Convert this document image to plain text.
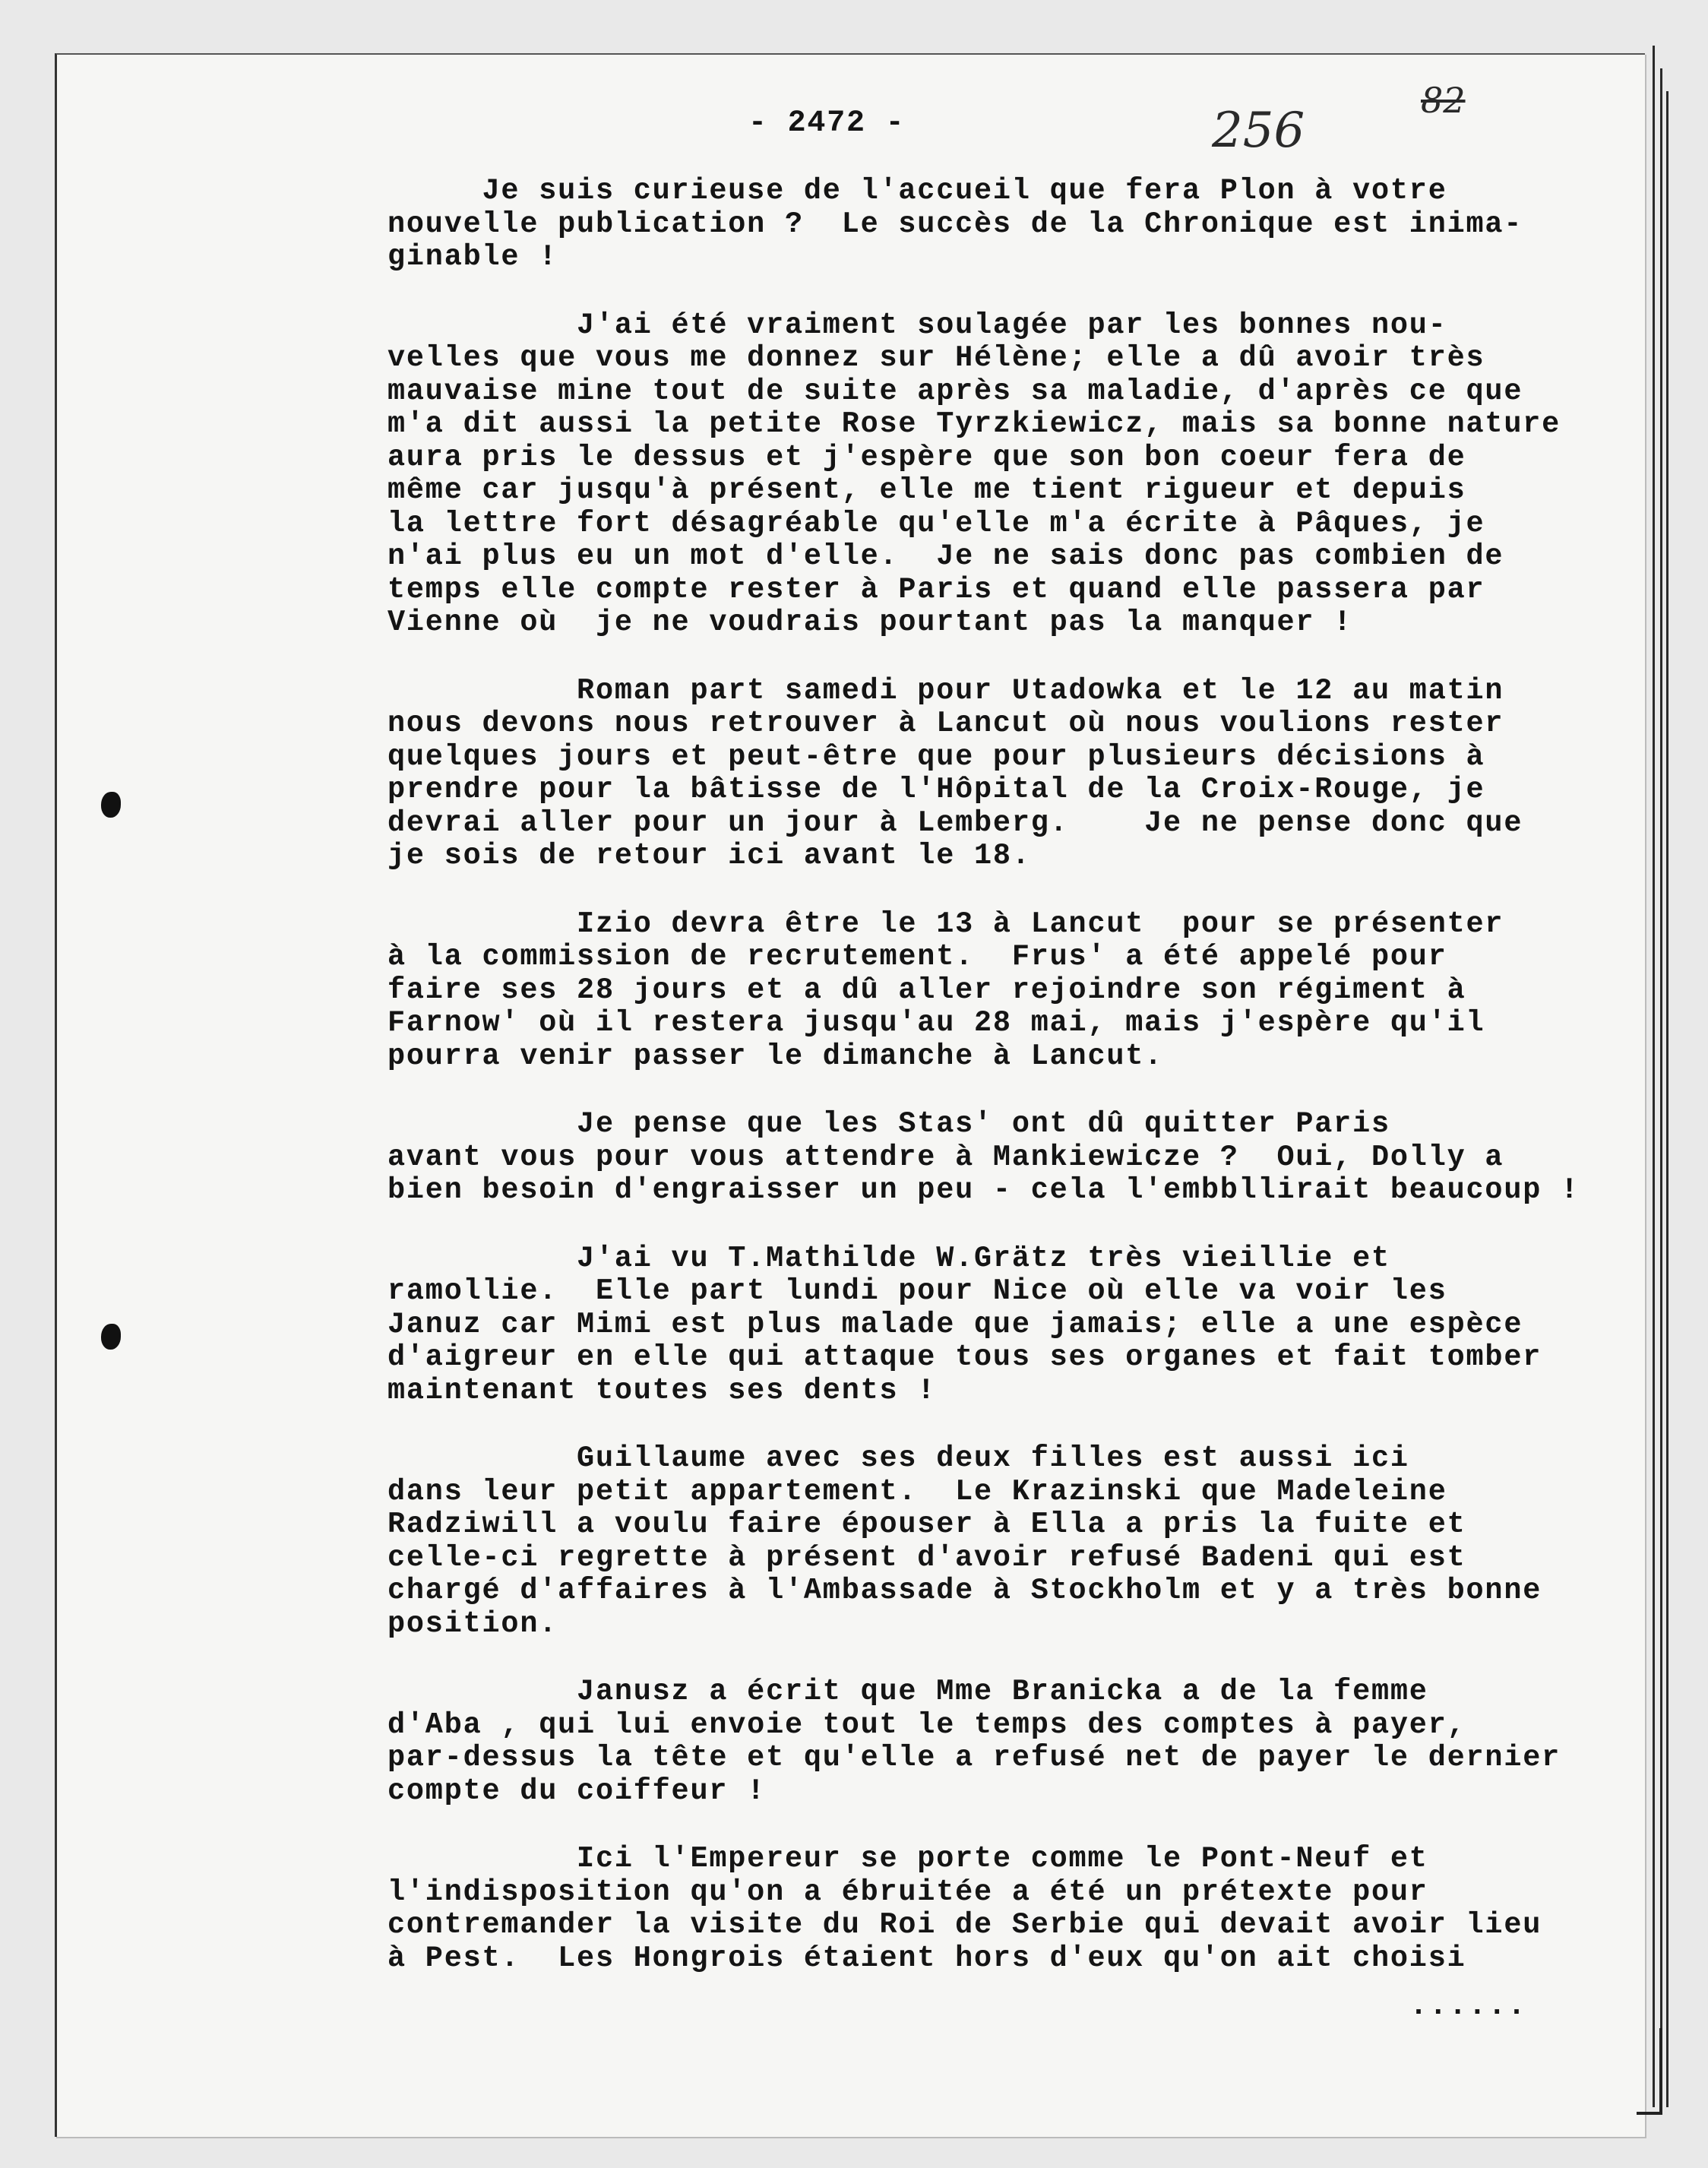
- 2472 -	256
82
Je suis curieuse de l'accueil que fera Plon à votre
nouvelle publication ?  Le succès de la Chronique est inima-
ginable !
J'ai été vraiment soulagée par les bonnes nou-
velles que vous me donnez sur Hélène; elle a dû avoir très
mauvaise mine tout de suite après sa maladie, d'après ce que
m'a dit aussi la petite Rose Tyrzkiewicz, mais sa bonne nature
aura pris le dessus et j'espère que son bon coeur fera de
même car jusqu'à présent, elle me tient rigueur et depuis
la lettre fort désagréable qu'elle m'a écrite à Pâques, je
n'ai plus eu un mot d'elle.  Je ne sais donc pas combien de
temps elle compte rester à Paris et quand elle passera par
Vienne où  je ne voudrais pourtant pas la manquer !
Roman part samedi pour Utadowka et le 12 au matin
nous devons nous retrouver à Lancut où nous voulions rester
quelques jours et peut-être que pour plusieurs décisions à
prendre pour la bâtisse de l'Hôpital de la Croix-Rouge, je
devrai aller pour un jour à Lemberg.    Je ne pense donc que
je sois de retour ici avant le 18.
Izio devra être le 13 à Lancut  pour se présenter
à la commission de recrutement.  Frus' a été appelé pour
faire ses 28 jours et a dû aller rejoindre son régiment à
Farnow' où il restera jusqu'au 28 mai, mais j'espère qu'il
pourra venir passer le dimanche à Lancut.
Je pense que les Stas' ont dû quitter Paris
avant vous pour vous attendre à Mankiewicze ?  Oui, Dolly a
bien besoin d'engraisser un peu - cela l'embbllirait beaucoup !
J'ai vu T.Mathilde W.Grätz très vieillie et
ramollie.  Elle part lundi pour Nice où elle va voir les
Januz car Mimi est plus malade que jamais; elle a une espèce
d'aigreur en elle qui attaque tous ses organes et fait tomber
maintenant toutes ses dents !
Guillaume avec ses deux filles est aussi ici
dans leur petit appartement.  Le Krazinski que Madeleine
Radziwill a voulu faire épouser à Ella a pris la fuite et
celle-ci regrette à présent d'avoir refusé Badeni qui est
chargé d'affaires à l'Ambassade à Stockholm et y a très bonne
position.
Janusz a écrit que Mme Branicka a de la femme
d'Aba , qui lui envoie tout le temps des comptes à payer,
par-dessus la tête et qu'elle a refusé net de payer le dernier
compte du coiffeur !
Ici l'Empereur se porte comme le Pont-Neuf et
l'indisposition qu'on a ébruitée a été un prétexte pour
contremander la visite du Roi de Serbie qui devait avoir lieu
à Pest.  Les Hongrois étaient hors d'eux qu'on ait choisi
......
